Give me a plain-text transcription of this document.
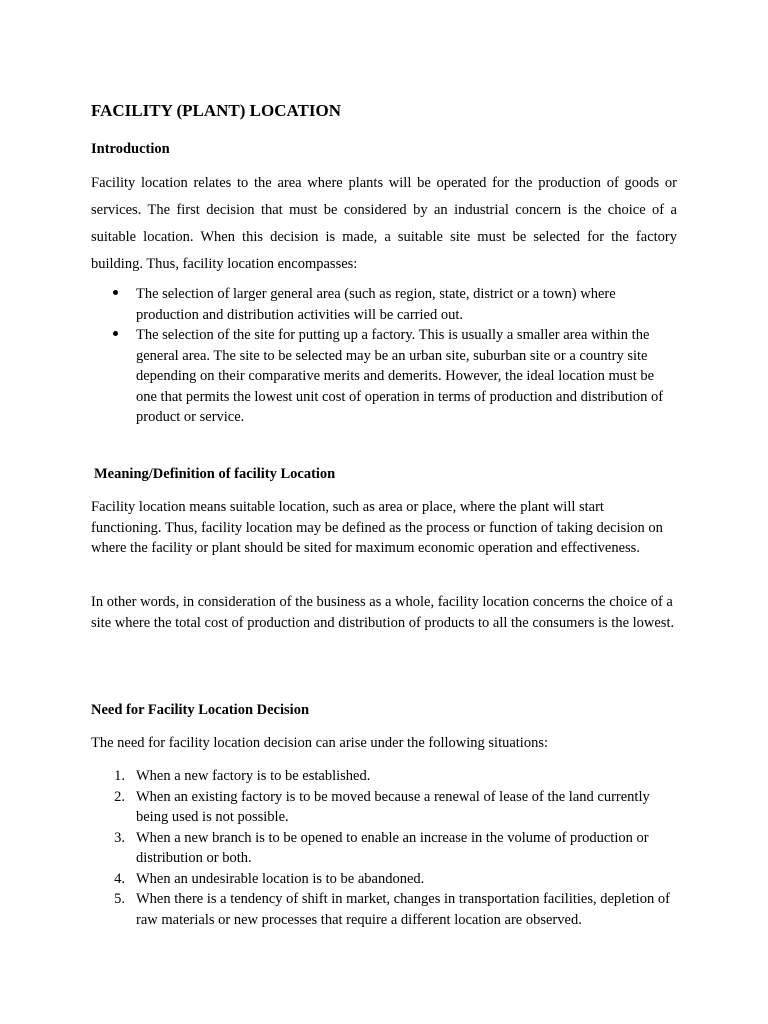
FACILITY (PLANT) LOCATION
Introduction

Facility location relates to the area where plants will be operated for the production of goods or services. The first decision that must be considered by an industrial concern is the choice of a suitable location. When this decision is made, a suitable site must be selected for the factory building. Thus, facility location encompasses:

The selection of larger general area (such as region, state, district or a town) where production and distribution activities will be carried out.
The selection of the site for putting up a factory. This is usually a smaller area within the general area. The site to be selected may be an urban site, suburban site or a country site depending on their comparative merits and demerits. However, the ideal location must be one that permits the lowest unit cost of operation in terms of production and distribution of product or service.
Meaning/Definition of facility Location

Facility location means suitable location, such as area or place, where the plant will start functioning. Thus, facility location may be defined as the process or function of taking decision on where the facility or plant should be sited for maximum economic operation and effectiveness.

In other words, in consideration of the business as a whole, facility location concerns the choice of a site where the total cost of production and distribution of products to all the consumers is the lowest.

Need for Facility Location Decision

The need for facility location decision can arise under the following situations:

1. When a new factory is to be established.
2. When an existing factory is to be moved because a renewal of lease of the land currently being used is not possible.
3. When a new branch is to be opened to enable an increase in the volume of production or distribution or both.
4. When an undesirable location is to be abandoned.
5. When there is a tendency of shift in market, changes in transportation facilities, depletion of raw materials or new processes that require a different location are observed.
